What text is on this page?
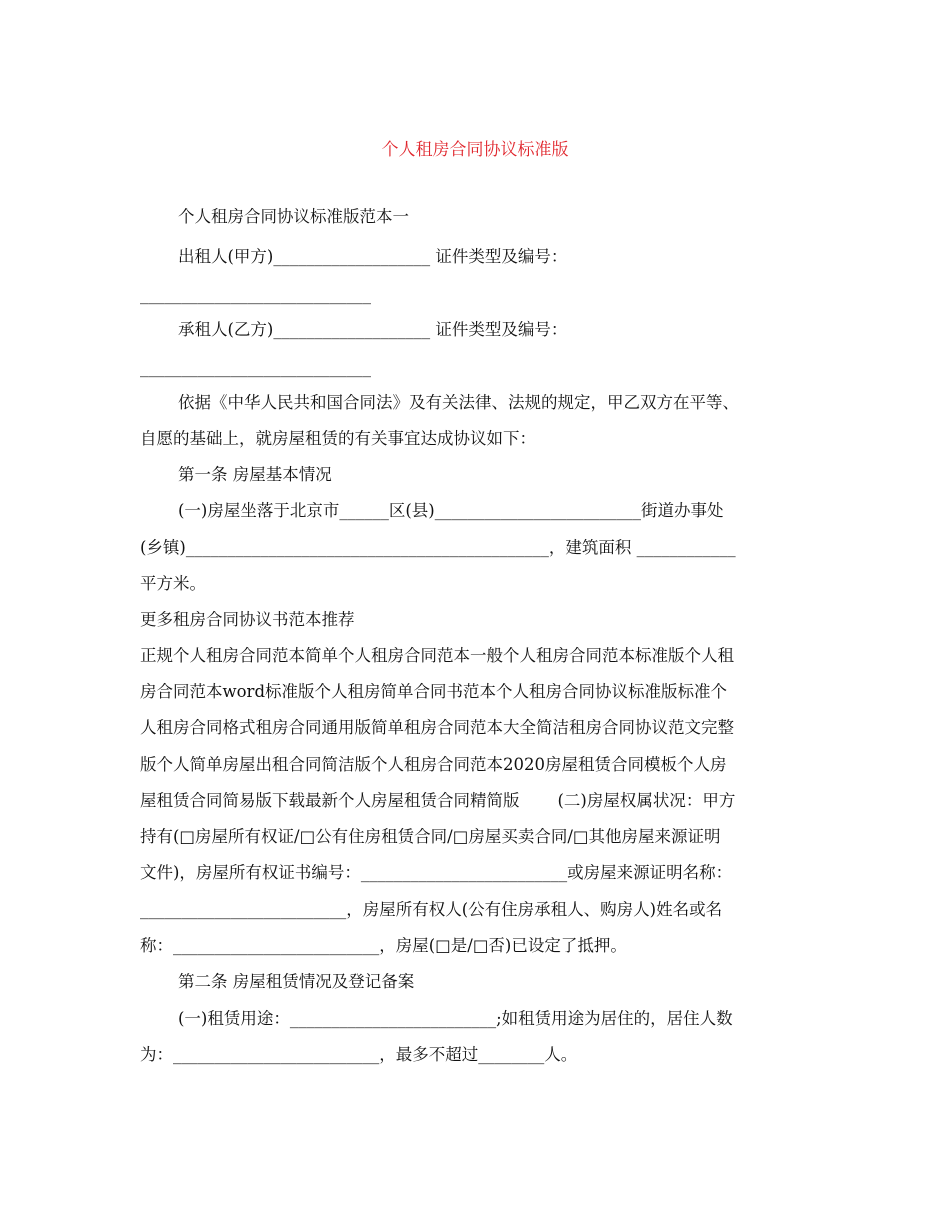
个人租房合同协议标准版
个人租房合同协议标准版范本一
出租人(甲方)___________________ 证件类型及编号：
____________________________
承租人(乙方)___________________ 证件类型及编号：
____________________________
依据《中华人民共和国合同法》及有关法律、法规的规定，甲乙双方在平等、
自愿的基础上，就房屋租赁的有关事宜达成协议如下：
第一条 房屋基本情况
(一)房屋坐落于北京市______区(县)_________________________街道办事处
(乡镇)____________________________________________，建筑面积 ____________
平方米。
更多租房合同协议书范本推荐
正规个人租房合同范本简单个人租房合同范本一般个人租房合同范本标准版个人租
房合同范本word标准版个人租房简单合同书范本个人租房合同协议标准版标准个
人租房合同格式租房合同通用版简单租房合同范本大全简洁租房合同协议范文完整
版个人简单房屋出租合同简洁版个人租房合同范本2020房屋租赁合同模板个人房
屋租赁合同简易版下载最新个人房屋租赁合同精简版 (二)房屋权属状况：甲方
持有(□房屋所有权证/□公有住房租赁合同/□房屋买卖合同/□其他房屋来源证明
文件)，房屋所有权证书编号：_________________________或房屋来源证明名称：
_________________________，房屋所有权人(公有住房承租人、购房人)姓名或名
称：_________________________，房屋(□是/□否)已设定了抵押。
第二条 房屋租赁情况及登记备案
(一)租赁用途：_________________________;如租赁用途为居住的，居住人数
为：_________________________，最多不超过________人。
